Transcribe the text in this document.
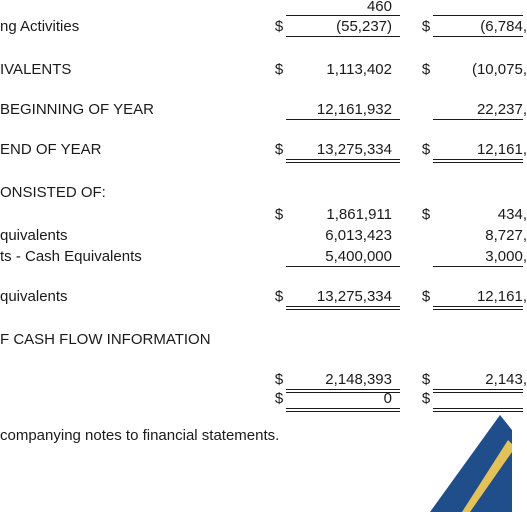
460
ng Activities	$	(55,237) $	(6,784,
IVALENTS	$	1,113,402 $	(10,075,
BEGINNING OF YEAR	12,161,932	22,237,
END OF YEAR	$	13,275,334 $	12,161,
ONSISTED OF:
$	1,861,911 $	434,
quivalents	6,013,423	8,727,
ts - Cash Equivalents	5,400,000	3,000,
quivalents	$	13,275,334 $	12,161,
F CASH FLOW INFORMATION
$	2,148,393 $	2,143,
$	0 $
companying notes to financial statements.
